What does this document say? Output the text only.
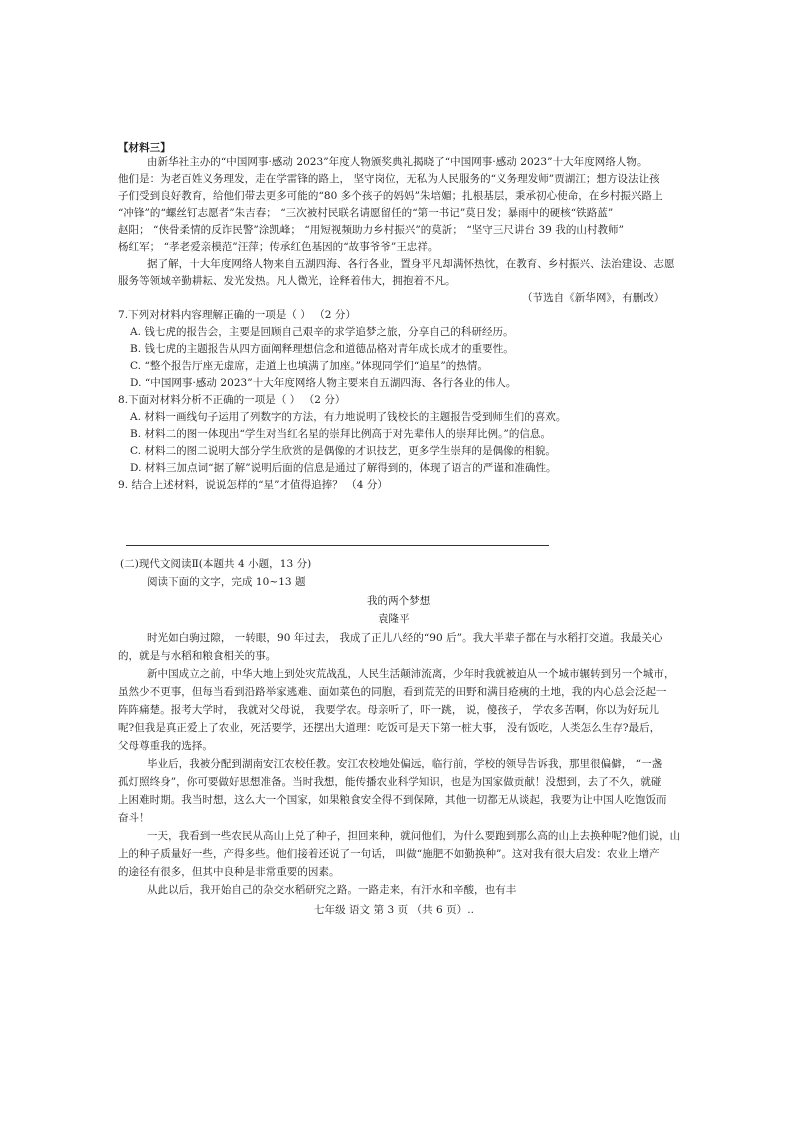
【材料三】
由新华社主办的“中国网事·感动 2023”年度人物颁奖典礼揭晓了“中国网事·感动 2023”十大年度网络人物。
他们是：为老百姓义务理发，走在学雷锋的路上， 坚守岗位，无私为人民服务的“义务理发师”贾湖江；想方设法让孩
子们受到良好教育，给他们带去更多可能的“80 多个孩子的妈妈”朱培媚；扎根基层，秉承初心使命，在乡村振兴路上
“冲锋”的“螺丝钉志愿者”朱吉春； “三次被村民联名请愿留任的“第一书记”莫日发；暴雨中的硬核“铁路蓝”
赵阳； “侠骨柔情的反诈民警”涂凯峰； “用短视频助力乡村振兴”的莫訢； “坚守三尺讲台 39 我的山村教师”
杨红军； “孝老爱亲模范”汪萍；传承红色基因的“故事爷爷”王忠祥。
据了解，十大年度网络人物来自五湖四海、各行各业，置身平凡却满怀热忱，在教育、乡村振兴、法治建设、志愿
服务等领域辛勤耕耘、发光发热。凡人微光，诠释着伟大，拥抱着不凡。
（节选自《新华网》，有删改）
7.下列对材料内容理解正确的一项是（ ） （2 分）
A. 钱七虎的报告会，主要是回顾自己艰辛的求学追梦之旅，分享自己的科研经历。
B. 钱七虎的主题报告从四方面阐释理想信念和道德品格对青年成长成才的重要性。
C. “整个报告厅座无虚席，走道上也填满了加座。”体现同学们“追星”的热情。
D. “中国网事·感动 2023”十大年度网络人物主要来自五湖四海、各行各业的伟人。
8.下面对材料分析不正确的一项是（ ） （2 分）
A. 材料一画线句子运用了列数字的方法，有力地说明了钱校长的主题报告受到师生们的喜欢。
B. 材料二的图一体现出“学生对当红名星的崇拜比例高于对先辈伟人的崇拜比例。”的信息。
C. 材料二的图二说明大部分学生欣赏的是偶像的才识技艺，更多学生崇拜的是偶像的相貌。
D. 材料三加点词“据了解”说明后面的信息是通过了解得到的，体现了语言的严谨和准确性。
9. 结合上述材料，说说怎样的“星”才值得追捧？ （4 分）
(二)现代文阅读Ⅱ(本题共 4 小题，13 分)
阅读下面的文字，完成 10~13 题
我的两个梦想
袁隆平
时光如白驹过隙， 一转眼，90 年过去， 我成了正儿八经的“90 后”。我大半辈子都在与水稻打交道。我最关心
的，就是与水稻和粮食相关的事。
新中国成立之前，中华大地上到处灾荒战乱，人民生活颠沛流离，少年时我就被迫从一个城市辗转到另一个城市，
虽然少不更事，但每当看到沿路举家逃难、面如菜色的同胞，看到荒芜的田野和满目疮痍的土地，我的内心总会泛起一
阵阵痛楚。报考大学时， 我就对父母说， 我要学农。母亲听了，吓一跳， 说，傻孩子， 学农多苦啊，你以为好玩儿
呢?但我是真正爱上了农业，死活要学，还摆出大道理：吃饭可是天下第一桩大事， 没有饭吃，人类怎么生存?最后，
父母尊重我的选择。
毕业后，我被分配到湖南安江农校任教。安江农校地处偏远，临行前，学校的领导告诉我，那里很偏僻， “一盏
孤灯照终身”，你可要做好思想准备。当时我想，能传播农业科学知识，也是为国家做贡献！没想到，去了不久，就碰
上困难时期。我当时想，这么大一个国家，如果粮食安全得不到保障，其他一切都无从谈起，我要为让中国人吃饱饭而
奋斗！
一天，我看到一些农民从高山上兑了种子，担回来种，就问他们，为什么要跑到那么高的山上去换种呢?他们说，山
上的种子质量好一些，产得多些。他们接着还说了一句话， 叫做“施肥不如勤换种”。这对我有很大启发：农业上增产
的途径有很多，但其中良种是非常重要的因素。
从此以后，我开始自己的杂交水稻研究之路。一路走来，有汗水和辛酸，也有丰
七年级 语文 第 3 页 （共 6 页）..
